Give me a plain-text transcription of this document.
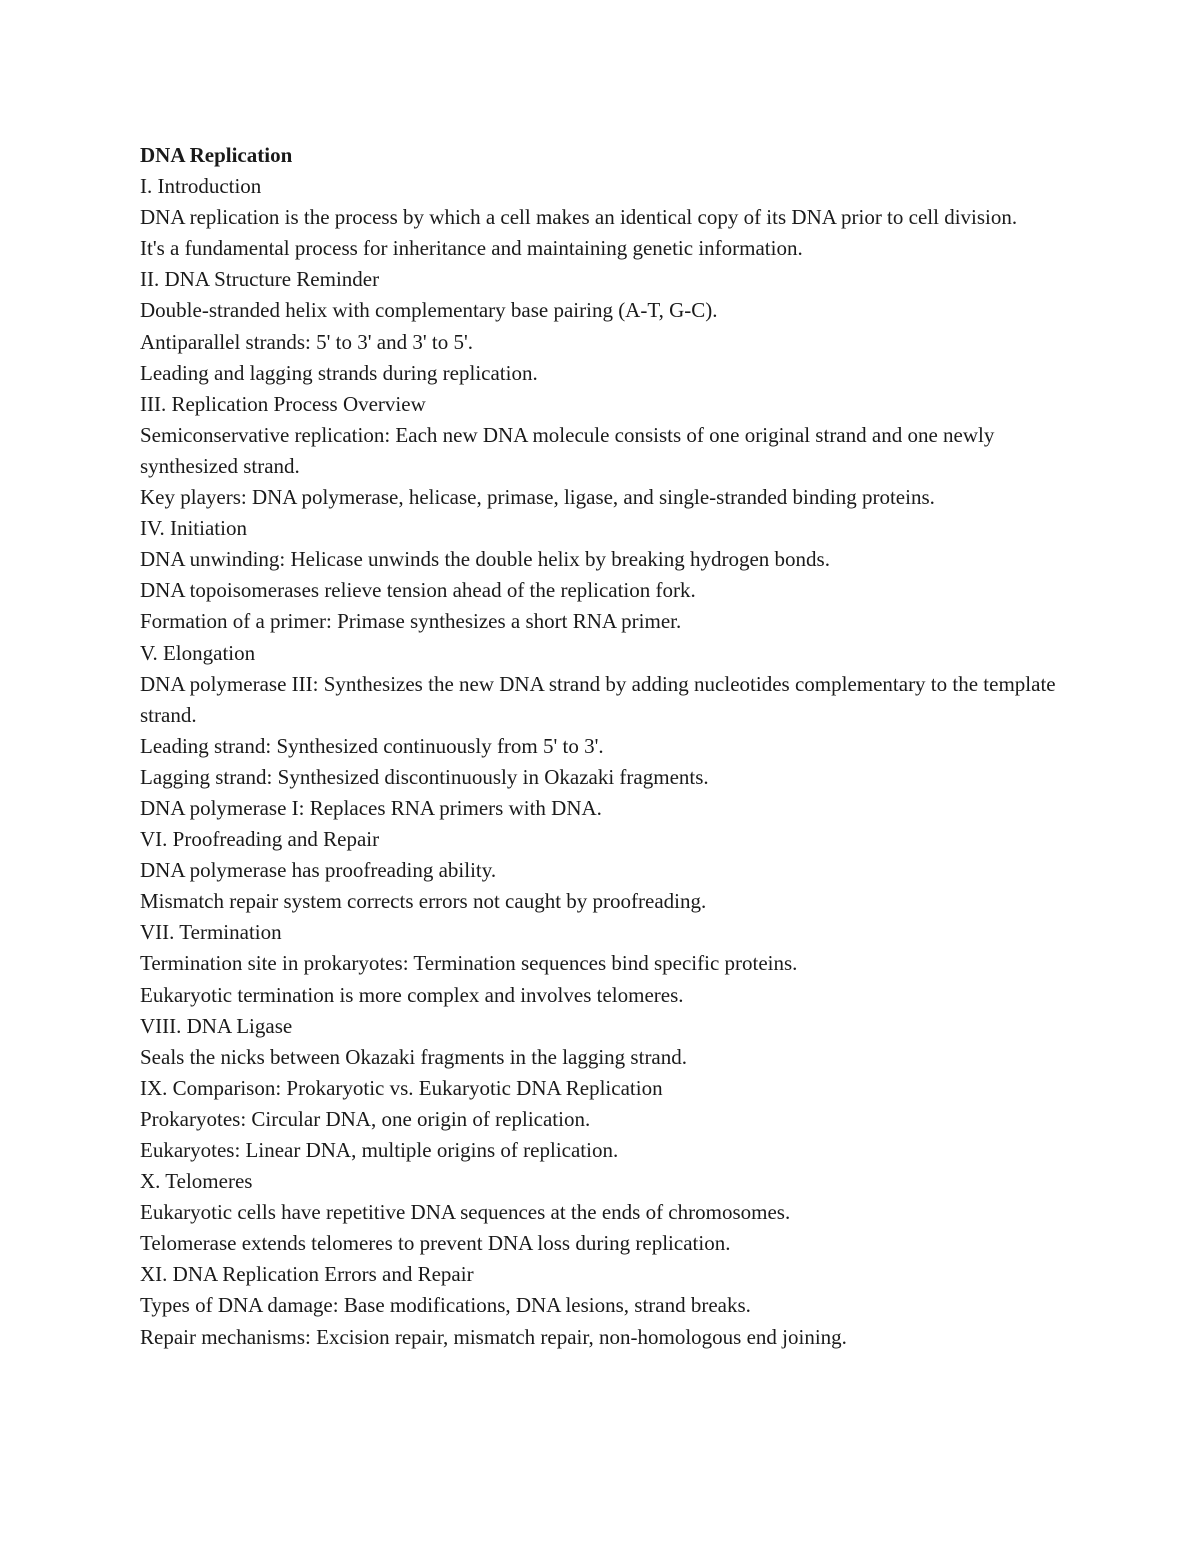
DNA Replication

I. Introduction

DNA replication is the process by which a cell makes an identical copy of its DNA prior to cell division.

It's a fundamental process for inheritance and maintaining genetic information.

II. DNA Structure Reminder

Double-stranded helix with complementary base pairing (A-T, G-C).

Antiparallel strands: 5' to 3' and 3' to 5'.

Leading and lagging strands during replication.

III. Replication Process Overview

Semiconservative replication: Each new DNA molecule consists of one original strand and one newly synthesized strand.

Key players: DNA polymerase, helicase, primase, ligase, and single-stranded binding proteins.

IV. Initiation

DNA unwinding: Helicase unwinds the double helix by breaking hydrogen bonds.

DNA topoisomerases relieve tension ahead of the replication fork.

Formation of a primer: Primase synthesizes a short RNA primer.

V. Elongation

DNA polymerase III: Synthesizes the new DNA strand by adding nucleotides complementary to the template strand.

Leading strand: Synthesized continuously from 5' to 3'.

Lagging strand: Synthesized discontinuously in Okazaki fragments.

DNA polymerase I: Replaces RNA primers with DNA.

VI. Proofreading and Repair

DNA polymerase has proofreading ability.

Mismatch repair system corrects errors not caught by proofreading.

VII. Termination

Termination site in prokaryotes: Termination sequences bind specific proteins.

Eukaryotic termination is more complex and involves telomeres.

VIII. DNA Ligase

Seals the nicks between Okazaki fragments in the lagging strand.

IX. Comparison: Prokaryotic vs. Eukaryotic DNA Replication

Prokaryotes: Circular DNA, one origin of replication.

Eukaryotes: Linear DNA, multiple origins of replication.

X. Telomeres

Eukaryotic cells have repetitive DNA sequences at the ends of chromosomes.

Telomerase extends telomeres to prevent DNA loss during replication.

XI. DNA Replication Errors and Repair

Types of DNA damage: Base modifications, DNA lesions, strand breaks.

Repair mechanisms: Excision repair, mismatch repair, non-homologous end joining.
